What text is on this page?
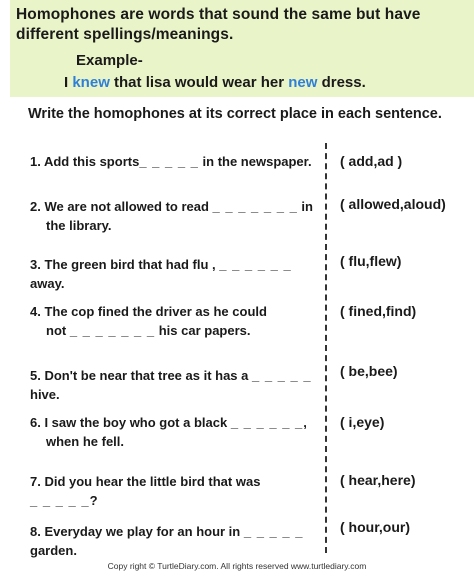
Homophones are words that sound the same but have different spellings/meanings.
Example-
I knew that lisa would wear her new dress.
Write the homophones at its correct place in each sentence.
1. Add this sports_ _ _ _ _ in the newspaper.	( add,ad )
2. We are not allowed to read _ _ _ _ _ _ _ in
the library.
( allowed,aloud)
3. The green bird that had flu , _ _ _ _ _ _away.
( flu,flew)
4. The cop fined the driver as he could
not _ _ _ _ _ _ _ his car papers.
( fined,find)
5. Don't be near that tree as it has a _ _ _ _ _hive.
( be,bee)
6. I saw the boy who got a black _ _ _ _ _ _,
when he fell.
( i,eye)
7. Did you hear the little bird that was _ _ _ _ _?
( hear,here)
8. Everyday we play for an hour in _ _ _ _ _ garden.
( hour,our)
Copy right © TurtleDiary.com. All rights reserved www.turtlediary.com
